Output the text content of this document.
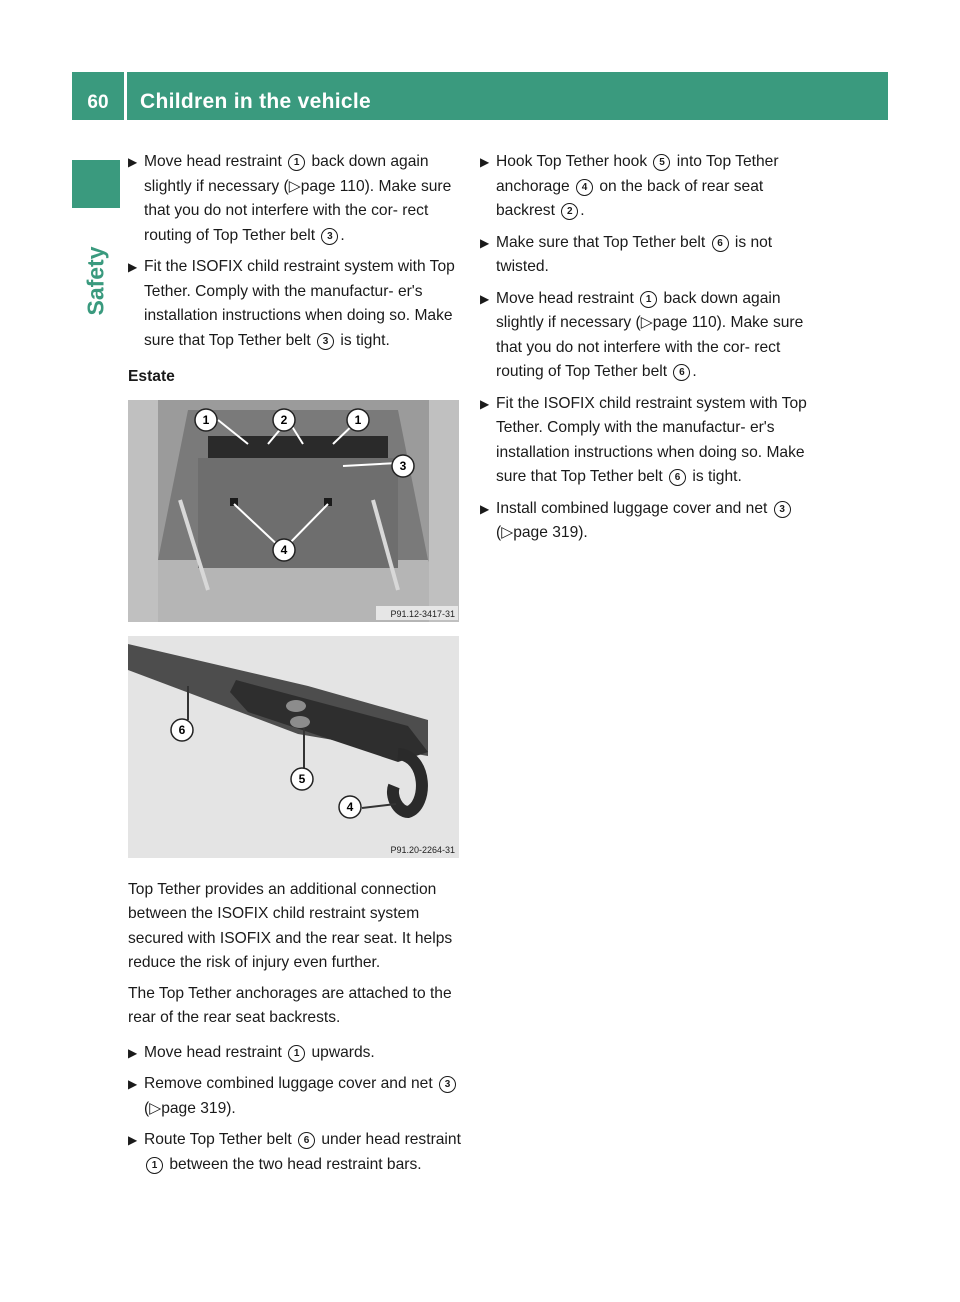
60	Children in the vehicle
Safety
▶ Move head restraint 1 back down again slightly if necessary (▷page 110). Make sure that you do not interfere with the cor- rect routing of Top Tether belt 3 .
▶ Fit the ISOFIX child restraint system with Top Tether. Comply with the manufactur- er's installation instructions when doing so. Make sure that Top Tether belt 3 is tight.
Estate
1	2	1
3
4
P91.12-3417-31
6
5
4
P91.20-2264-31
Top Tether provides an additional connection between the ISOFIX child restraint system secured with ISOFIX and the rear seat. It helps reduce the risk of injury even further.
The Top Tether anchorages are attached to the rear of the rear seat backrests.
▶ Move head restraint 1 upwards.
▶ Remove combined luggage cover and net 3(▷page 319).
▶ Route Top Tether belt 6 under head restraint 1 between the two head restraint bars.
▶ Hook Top Tether hook 5 into Top Tether anchorage 4 on the back of rear seat backrest 2 .
▶ Make sure that Top Tether belt 6 is not twisted.
▶ Move head restraint 1 back down again slightly if necessary (▷page 110). Make sure that you do not interfere with the cor- rect routing of Top Tether belt 6 .
▶ Fit the ISOFIX child restraint system with Top Tether. Comply with the manufactur- er's installation instructions when doing so. Make sure that Top Tether belt 6 is tight.
▶ Install combined luggage cover and net 3(▷page 319).
